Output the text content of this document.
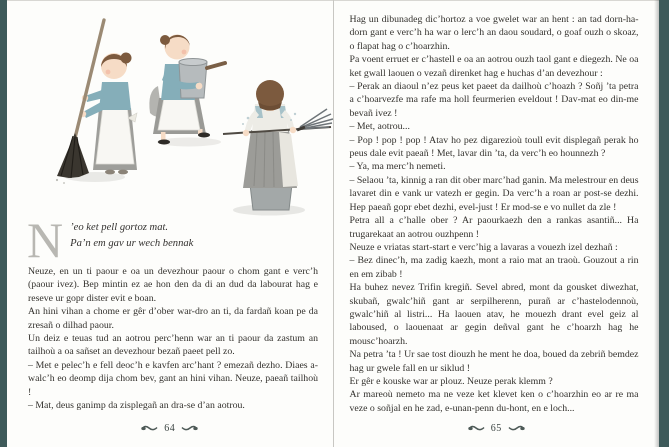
N ’eo ket pell gortoz mat.
Pa’n em gav ur wech bennak

Neuze, en un ti paour e oa un devezhour paour o chom gant e verc’h (paour ivez). Bep mintin ez ae hon den da di an dud da labourat hag e reseve ur gopr dister evit e boan.

An hini vihan a chome er gêr d’ober war-dro an ti, da fardañ koan pe da zresañ o dilhad paour.

Un deiz e teuas tud an aotrou perc’henn war an ti paour da zastum an tailhoù a oa sañset an devezhour bezañ paeet pell zo.

– Met e pelec’h e fell deoc’h e kavfen arc’hant ? emezañ dezho. Diaes a-walc’h eo deomp dija chom bev, gant an hini vihan. Neuze, paeañ tailhoù !

– Mat, deus ganimp da zisplegañ an dra-se d’an aotrou.

64

Hag un dibunadeg dic’hortoz a voe gwelet war an hent : an tad dorn-ha-dorn gant e verc’h ha war o lerc’h an daou soudard, o goaf ouzh o skoaz, o flapat hag o c’hoarzhin.

Pa voent erruet er c’hastell e oa an aotrou ouzh taol gant e diegezh. Ne oa ket gwall laouen o vezañ direnket hag e huchas d’an devezhour :

– Perak an diaoul n’ez peus ket paeet da dailhoù c’hoazh ? Soñj ’ta petra a c’hoarvezfe ma rafe ma holl feurmerien eveldout ! Dav-mat eo din-me bevañ ivez !

– Met, aotrou...

– Pop ! pop ! pop ! Atav ho pez digarezioù toull evit displegañ perak ho peus dale evit paeañ ! Met, lavar din ’ta, da verc’h eo hounnezh ?

– Ya, ma merc’h nemeti.

– Selaou ’ta, kinnig a ran dit ober marc’had ganin. Ma melestrour en deus lavaret din e vank ur vatezh er gegin. Da verc’h a roan ar post-se dezhi. Hep paeañ gopr ebet dezhi, evel-just ! Er mod-se e vo nullet da zle !

Petra all a c’halle ober ? Ar paourkaezh den a rankas asantiñ... Ha trugarekaat an aotrou ouzhpenn !

Neuze e vriatas start-start e verc’hig a lavaras a vouezh izel dezhañ :

– Bez dinec’h, ma zadig kaezh, mont a raio mat an traoù. Gouzout a rin en em zibab !

Ha buhez nevez Trifin kregiñ. Sevel abred, mont da gousket diwezhat, skubañ, gwalc’hiñ gant ar serpilherenn, purañ ar c’hastelodennoù, gwalc’hiñ al listri... Ha laouen atav, he mouezh drant evel geiz al laboused, o laouenaat ar gegin deñval gant he c’hoarzh hag he mousc’hoarzh.

Na petra ’ta ! Ur sae tost diouzh he ment he doa, boued da zebriñ bemdez hag ur gwele fall en ur siklud !

Er gêr e kouske war ar plouz. Neuze perak klemm ?

Ar mareoù nemeto ma ne veze ket klevet ken o c’hoarzhin eo ar re ma veze o soñjal en he zad, e-unan-penn du-hont, en e loch...

65
